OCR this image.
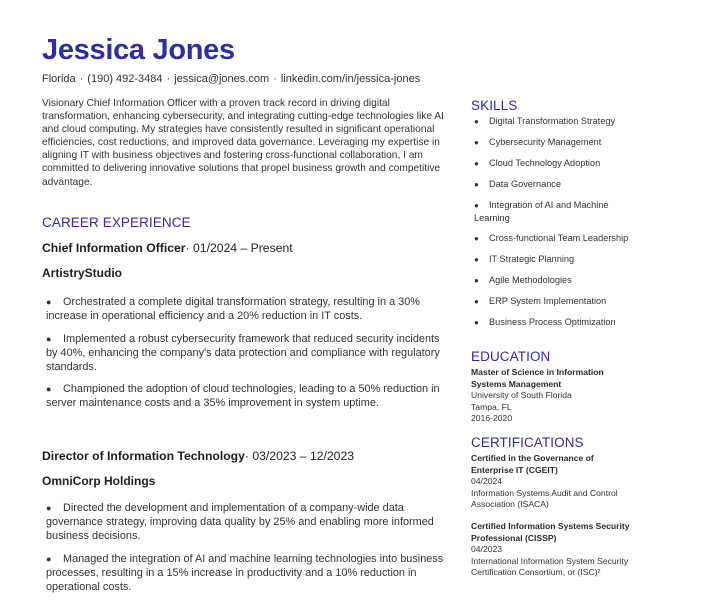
Jessica Jones
Florida · (190) 492-3484 · jessica@jones.com · linkedin.com/in/jessica-jones

Visionary Chief Information Officer with a proven track record in driving digital transformation, enhancing cybersecurity, and integrating cutting-edge technologies like AI and cloud computing. My strategies have consistently resulted in significant operational efficiencies, cost reductions, and improved data governance. Leveraging my expertise in aligning IT with business objectives and fostering cross-functional collaboration, I am committed to delivering innovative solutions that propel business growth and competitive advantage.

CAREER EXPERIENCE
Chief Information Officer· 01/2024 – Present
ArtistryStudio
● Orchestrated a complete digital transformation strategy, resulting in a 30% increase in operational efficiency and a 20% reduction in IT costs.
● Implemented a robust cybersecurity framework that reduced security incidents by 40%, enhancing the company's data protection and compliance with regulatory standards.
● Championed the adoption of cloud technologies, leading to a 50% reduction in server maintenance costs and a 35% improvement in system uptime.
Director of Information Technology· 03/2023 – 12/2023
OmniCorp Holdings
● Directed the development and implementation of a company-wide data governance strategy, improving data quality by 25% and enabling more informed business decisions.
● Managed the integration of AI and machine learning technologies into business processes, resulting in a 15% increase in productivity and a 10% reduction in operational costs.
SKILLS
● Digital Transformation Strategy
● Cybersecurity Management
● Cloud Technology Adoption
● Data Governance
● Integration of AI and Machine Learning
● Cross-functional Team Leadership
● IT Strategic Planning
● Agile Methodologies
● ERP System Implementation
● Business Process Optimization
EDUCATION
Master of Science in Information Systems Management
University of South Florida
Tampa, FL
2016-2020
CERTIFICATIONS
Certified in the Governance of Enterprise IT (CGEIT)
04/2024
Information Systems Audit and Control Association (ISACA)
Certified Information Systems Security Professional (CISSP)
04/2023
International Information System Security Certification Consortium, or (ISC)²
